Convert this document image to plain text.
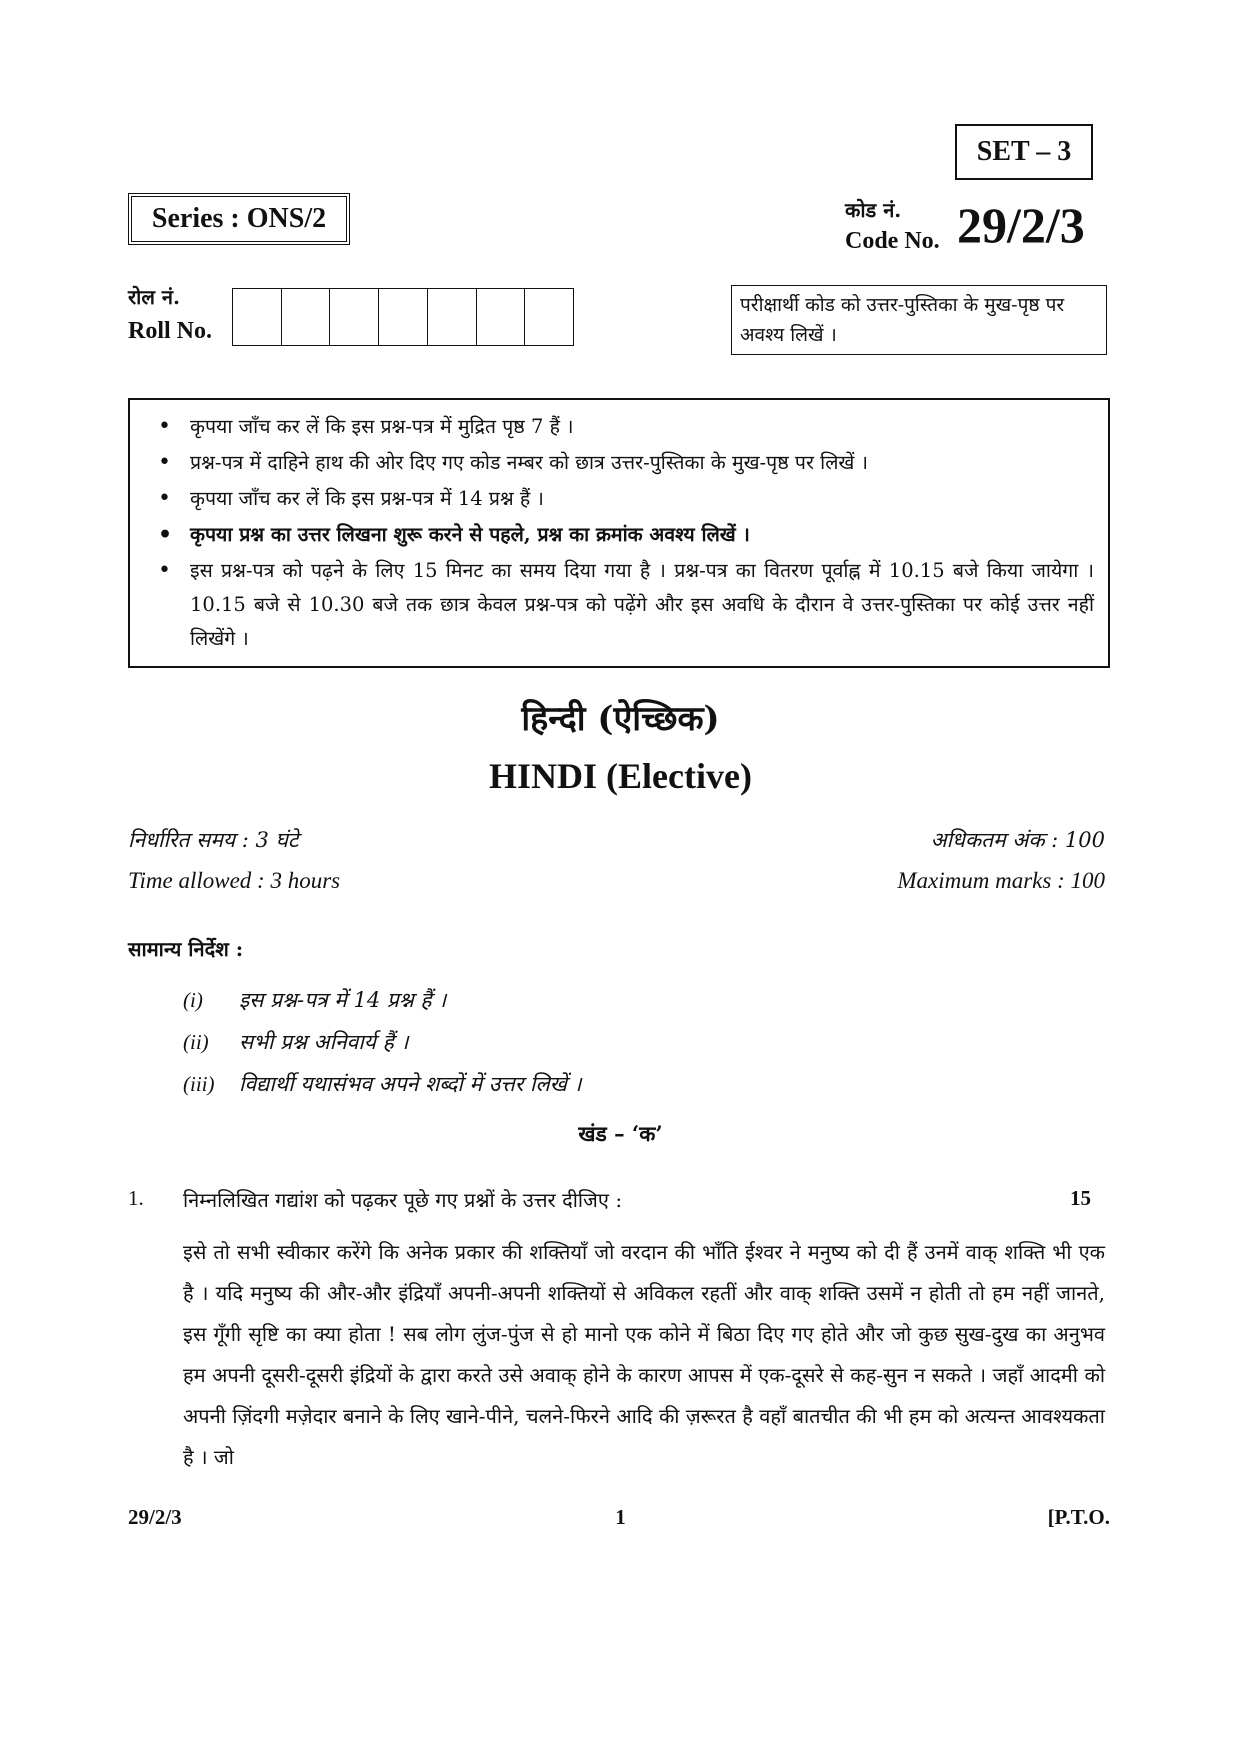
SET – 3
Series : ONS/2	कोड नं.
Code No. 29/2/3
रोल नं.
Roll No.
परीक्षार्थी कोड को उत्तर-पुस्तिका के मुख-पृष्ठ पर अवश्य लिखें ।
• कृपया जाँच कर लें कि इस प्रश्न-पत्र में मुद्रित पृष्ठ 7 हैं ।
• प्रश्न-पत्र में दाहिने हाथ की ओर दिए गए कोड नम्बर को छात्र उत्तर-पुस्तिका के मुख-पृष्ठ पर लिखें ।
• कृपया जाँच कर लें कि इस प्रश्न-पत्र में 14 प्रश्न हैं ।
• कृपया प्रश्न का उत्तर लिखना शुरू करने से पहले, प्रश्न का क्रमांक अवश्य लिखें ।
• इस प्रश्न-पत्र को पढ़ने के लिए 15 मिनट का समय दिया गया है । प्रश्न-पत्र का वितरण पूर्वाह्न में 10.15 बजे किया जायेगा । 10.15 बजे से 10.30 बजे तक छात्र केवल प्रश्न-पत्र को पढ़ेंगे और इस अवधि के दौरान वे उत्तर-पुस्तिका पर कोई उत्तर नहीं लिखेंगे ।
हिन्दी (ऐच्छिक)
HINDI (Elective)
निर्धारित समय : 3 घंटे	अधिकतम अंक : 100
Time allowed : 3 hours	Maximum marks : 100
सामान्य निर्देश :
(i) इस प्रश्न-पत्र में 14 प्रश्न हैं ।
(ii) सभी प्रश्न अनिवार्य हैं ।
(iii) विद्यार्थी यथासंभव अपने शब्दों में उत्तर लिखें ।
खंड – ‘क’
1. निम्नलिखित गद्यांश को पढ़कर पूछे गए प्रश्नों के उत्तर दीजिए :	15
इसे तो सभी स्वीकार करेंगे कि अनेक प्रकार की शक्तियाँ जो वरदान की भाँति ईश्वर ने मनुष्य को दी हैं उनमें वाक् शक्ति भी एक है । यदि मनुष्य की और-और इंद्रियाँ अपनी-अपनी शक्तियों से अविकल रहतीं और वाक् शक्ति उसमें न होती तो हम नहीं जानते, इस गूँगी सृष्टि का क्या होता ! सब लोग लुंज-पुंज से हो मानो एक कोने में बिठा दिए गए होते और जो कुछ सुख-दुख का अनुभव हम अपनी दूसरी-दूसरी इंद्रियों के द्वारा करते उसे अवाक् होने के कारण आपस में एक-दूसरे से कह-सुन न सकते । जहाँ आदमी को अपनी ज़िंदगी मज़ेदार बनाने के लिए खाने-पीने, चलने-फिरने आदि की ज़रूरत है वहाँ बातचीत की भी हम को अत्यन्त आवश्यकता है । जो
29/2/3	1	[P.T.O.
